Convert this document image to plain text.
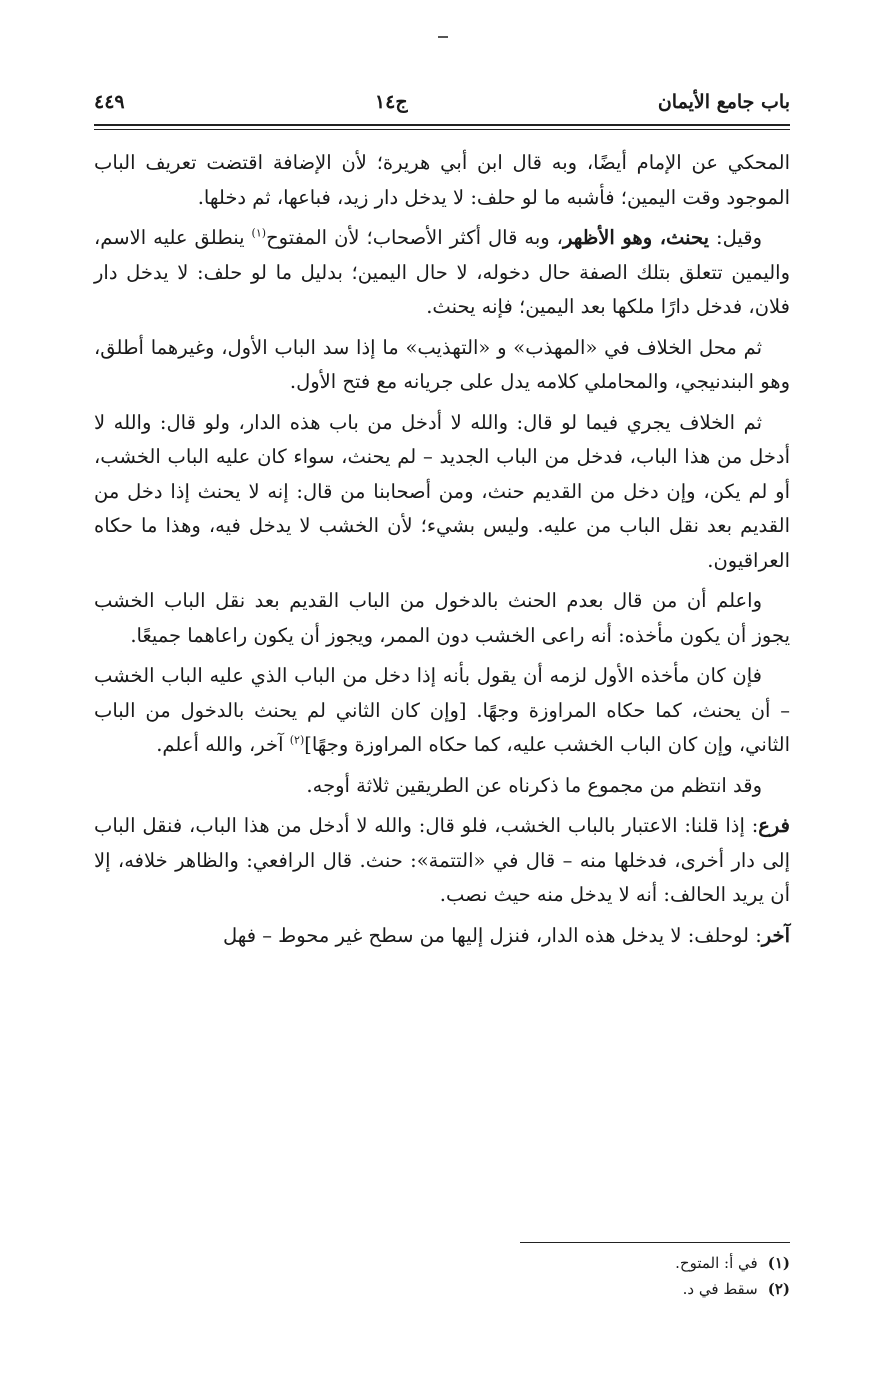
باب جامع الأيمان
ج١٤
٤٤٩

المحكي عن الإمام أيضًا، وبه قال ابن أبي هريرة؛ لأن الإضافة اقتضت تعريف الباب الموجود وقت اليمين؛ فأشبه ما لو حلف: لا يدخل دار زيد، فباعها، ثم دخلها.

وقيل: يحنث، وهو الأظهر، وبه قال أكثر الأصحاب؛ لأن المفتوح$^{(١)}$ ينطلق عليه الاسم، واليمين تتعلق بتلك الصفة حال دخوله، لا حال اليمين؛ بدليل ما لو حلف: لا يدخل دار فلان، فدخل دارًا ملكها بعد اليمين؛ فإنه يحنث.

ثم محل الخلاف في «المهذب» و «التهذيب» ما إذا سد الباب الأول، وغيرهما أطلق، وهو البندنيجي، والمحاملي كلامه يدل على جريانه مع فتح الأول.

ثم الخلاف يجري فيما لو قال: والله لا أدخل من باب هذه الدار، ولو قال: والله لا أدخل من هذا الباب، فدخل من الباب الجديد – لم يحنث، سواء كان عليه الباب الخشب، أو لم يكن، وإن دخل من القديم حنث، ومن أصحابنا من قال: إنه لا يحنث إذا دخل من القديم بعد نقل الباب من عليه. وليس بشيء؛ لأن الخشب لا يدخل فيه، وهذا ما حكاه العراقيون.

واعلم أن من قال بعدم الحنث بالدخول من الباب القديم بعد نقل الباب الخشب يجوز أن يكون مأخذه: أنه راعى الخشب دون الممر، ويجوز أن يكون راعاهما جميعًا.

فإن كان مأخذه الأول لزمه أن يقول بأنه إذا دخل من الباب الذي عليه الباب الخشب – أن يحنث، كما حكاه المراوزة وجهًا. [وإن كان الثاني لم يحنث بالدخول من الباب الثاني، وإن كان الباب الخشب عليه، كما حكاه المراوزة وجهًا]$^{(٢)}$ آخر، والله أعلم.

وقد انتظم من مجموع ما ذكرناه عن الطريقين ثلاثة أوجه.

فرع: إذا قلنا: الاعتبار بالباب الخشب، فلو قال: والله لا أدخل من هذا الباب، فنقل الباب إلى دار أخرى، فدخلها منه – قال في «التتمة»: حنث. قال الرافعي: والظاهر خلافه، إلا أن يريد الحالف: أنه لا يدخل منه حيث نصب.

آخر: لوحلف: لا يدخل هذه الدار، فنزل إليها من سطح غير محوط – فهل

(١)
في أ: المتوح.
(٢)
سقط في د.
